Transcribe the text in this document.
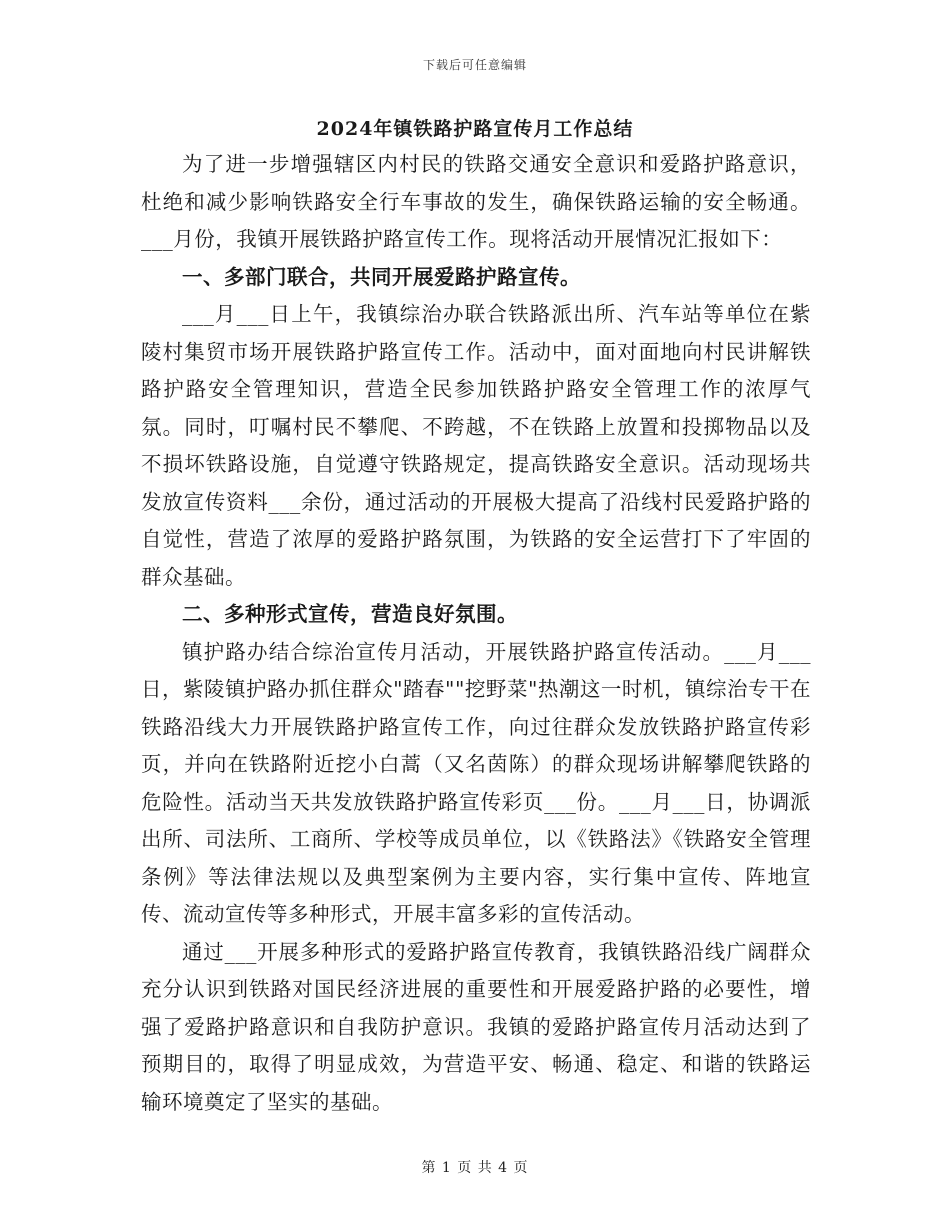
下载后可任意编辑
2024年镇铁路护路宣传月工作总结

为了进一步增强辖区内村民的铁路交通安全意识和爱路护路意识，杜绝和减少影响铁路安全行车事故的发生，确保铁路运输的安全畅通。___月份，我镇开展铁路护路宣传工作。现将活动开展情况汇报如下：

一、多部门联合，共同开展爱路护路宣传。

___月___日上午，我镇综治办联合铁路派出所、汽车站等单位在紫陵村集贸市场开展铁路护路宣传工作。活动中，面对面地向村民讲解铁路护路安全管理知识，营造全民参加铁路护路安全管理工作的浓厚气氛。同时，叮嘱村民不攀爬、不跨越，不在铁路上放置和投掷物品以及不损坏铁路设施，自觉遵守铁路规定，提高铁路安全意识。活动现场共发放宣传资料___余份，通过活动的开展极大提高了沿线村民爱路护路的自觉性，营造了浓厚的爱路护路氛围，为铁路的安全运营打下了牢固的群众基础。

二、多种形式宣传，营造良好氛围。

镇护路办结合综治宣传月活动，开展铁路护路宣传活动。___月___日，紫陵镇护路办抓住群众"踏春""挖野菜"热潮这一时机，镇综治专干在铁路沿线大力开展铁路护路宣传工作，向过往群众发放铁路护路宣传彩页，并向在铁路附近挖小白蒿（又名茵陈）的群众现场讲解攀爬铁路的危险性。活动当天共发放铁路护路宣传彩页___份。___月___日，协调派出所、司法所、工商所、学校等成员单位，以《铁路法》《铁路安全管理条例》等法律法规以及典型案例为主要内容，实行集中宣传、阵地宣传、流动宣传等多种形式，开展丰富多彩的宣传活动。

通过___开展多种形式的爱路护路宣传教育，我镇铁路沿线广阔群众充分认识到铁路对国民经济进展的重要性和开展爱路护路的必要性，增强了爱路护路意识和自我防护意识。我镇的爱路护路宣传月活动达到了预期目的，取得了明显成效，为营造平安、畅通、稳定、和谐的铁路运输环境奠定了坚实的基础。

第 1 页 共 4 页
